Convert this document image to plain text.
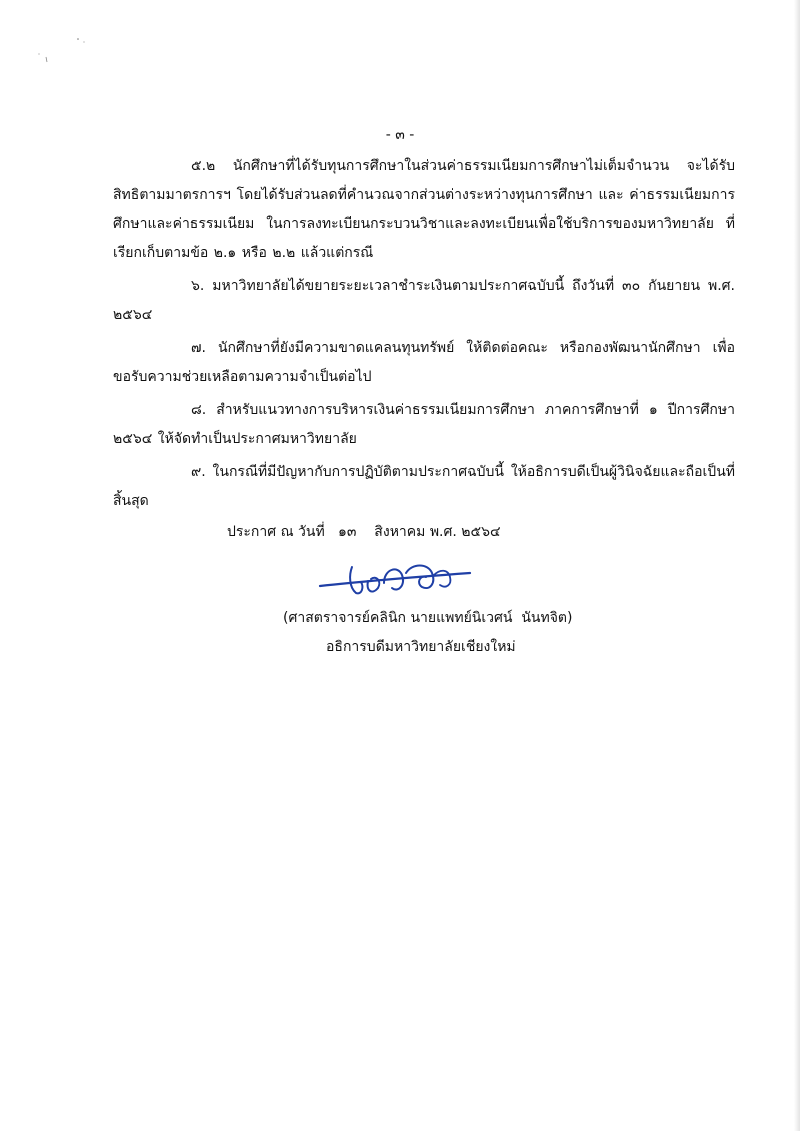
- ๓ -

๕.๒ นักศึกษาที่ได้รับทุนการศึกษาในส่วนค่าธรรมเนียมการศึกษาไม่เต็มจำนวน จะได้รับสิทธิตามมาตรการฯ โดยได้รับส่วนลดที่คำนวณจากส่วนต่างระหว่างทุนการศึกษา และ ค่าธรรมเนียมการศึกษาและค่าธรรมเนียม ในการลงทะเบียนกระบวนวิชาและลงทะเบียนเพื่อใช้บริการของมหาวิทยาลัย ที่เรียกเก็บตามข้อ ๒.๑ หรือ ๒.๒ แล้วแต่กรณี

๖. มหาวิทยาลัยได้ขยายระยะเวลาชำระเงินตามประกาศฉบับนี้ ถึงวันที่ ๓๐ กันยายน พ.ศ. ๒๕๖๔

๗. นักศึกษาที่ยังมีความขาดแคลนทุนทรัพย์ ให้ติดต่อคณะ หรือกองพัฒนานักศึกษา เพื่อขอรับความช่วยเหลือตามความจำเป็นต่อไป

๘. สำหรับแนวทางการบริหารเงินค่าธรรมเนียมการศึกษา ภาคการศึกษาที่ ๑ ปีการศึกษา ๒๕๖๔ ให้จัดทำเป็นประกาศมหาวิทยาลัย

๙. ในกรณีที่มีปัญหากับการปฏิบัติตามประกาศฉบับนี้ ให้อธิการบดีเป็นผู้วินิจฉัยและถือเป็นที่สิ้นสุด

ประกาศ ณ วันที่   ๑๓    สิงหาคม พ.ศ. ๒๕๖๔
(ศาสตราจารย์คลินิก นายแพทย์นิเวศน์  นันทจิต)
อธิการบดีมหาวิทยาลัยเชียงใหม่
